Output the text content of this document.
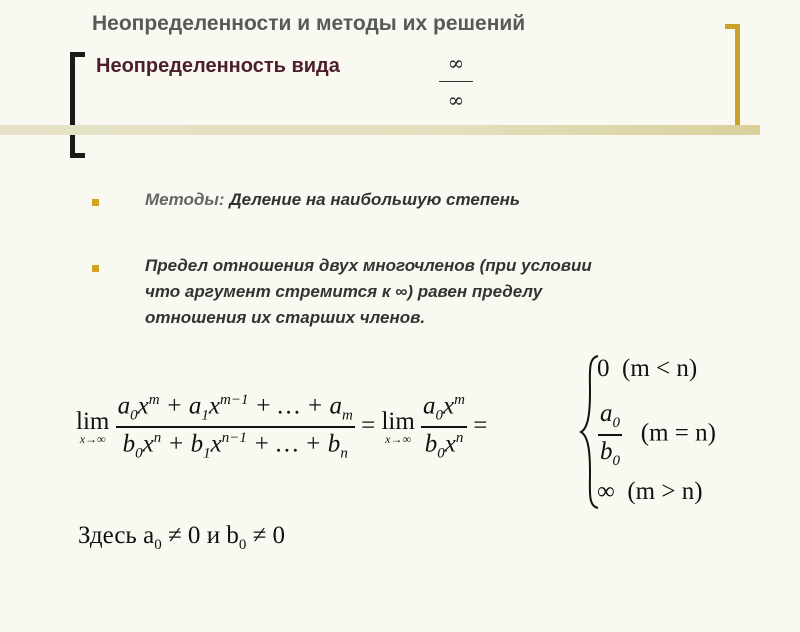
Неопределенности и методы их решений
Неопределенность вида	∞
∞
Методы: Деление на наибольшую степень
Предел отношения двух многочленов (при условии
что аргумент стремится к ∞) равен пределу
отношения их старших членов.
lim
x→∞
$\frac{a_0x^m + a_1x^{m-1} + \dots + a_m}{b_0x^n + b_1x^{n-1} + \dots + b_n} = \lim$
x→∞
$\frac{a_0x^m}{b_0x^n}$ =
0 (m < n)
$\frac{a_0}{b_0} (m = n)$
∞ (m > n)
Здесь $a_0 \ne 0$ и $b_0 \ne 0$
